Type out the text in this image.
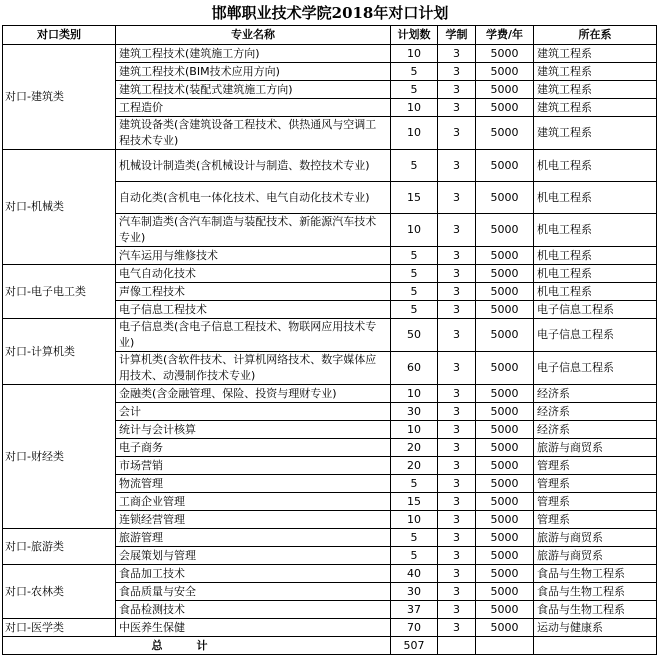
邯郸职业技术学院2018年对口计划
对口类别	专业名称	计划数	学制	学费/年	所在系
对口-建筑类	建筑工程技术(建筑施工方向)	10	3	5000	建筑工程系
	建筑工程技术(BIM技术应用方向)	5	3	5000	建筑工程系
	建筑工程技术(装配式建筑施工方向)	5	3	5000	建筑工程系
	工程造价	10	3	5000	建筑工程系
	建筑设备类(含建筑设备工程技术、供热通风与空调工程技术专业)	10	3	5000	建筑工程系
对口-机械类	机械设计制造类(含机械设计与制造、数控技术专业)	5	3	5000	机电工程系
	自动化类(含机电一体化技术、电气自动化技术专业)	15	3	5000	机电工程系
	汽车制造类(含汽车制造与装配技术、新能源汽车技术专业)	10	3	5000	机电工程系
	汽车运用与维修技术	5	3	5000	机电工程系
对口-电子电工类	电气自动化技术	5	3	5000	机电工程系
	声像工程技术	5	3	5000	机电工程系
	电子信息工程技术	5	3	5000	电子信息工程系
对口-计算机类	电子信息类(含电子信息工程技术、物联网应用技术专业)	50	3	5000	电子信息工程系
	计算机类(含软件技术、计算机网络技术、数字媒体应用技术、动漫制作技术专业)	60	3	5000	电子信息工程系
对口-财经类	金融类(含金融管理、保险、投资与理财专业)	10	3	5000	经济系
	会计	30	3	5000	经济系
	统计与会计核算	10	3	5000	经济系
	电子商务	20	3	5000	旅游与商贸系
	市场营销	20	3	5000	管理系
	物流管理	5	3	5000	管理系
	工商企业管理	15	3	5000	管理系
	连锁经营管理	10	3	5000	管理系
对口-旅游类	旅游管理	5	3	5000	旅游与商贸系
	会展策划与管理	5	3	5000	旅游与商贸系
对口-农林类	食品加工技术	40	3	5000	食品与生物工程系
	食品质量与安全	30	3	5000	食品与生物工程系
	食品检测技术	37	3	5000	食品与生物工程系
对口-医学类	中医养生保健	70	3	5000	运动与健康系
总计		507			
